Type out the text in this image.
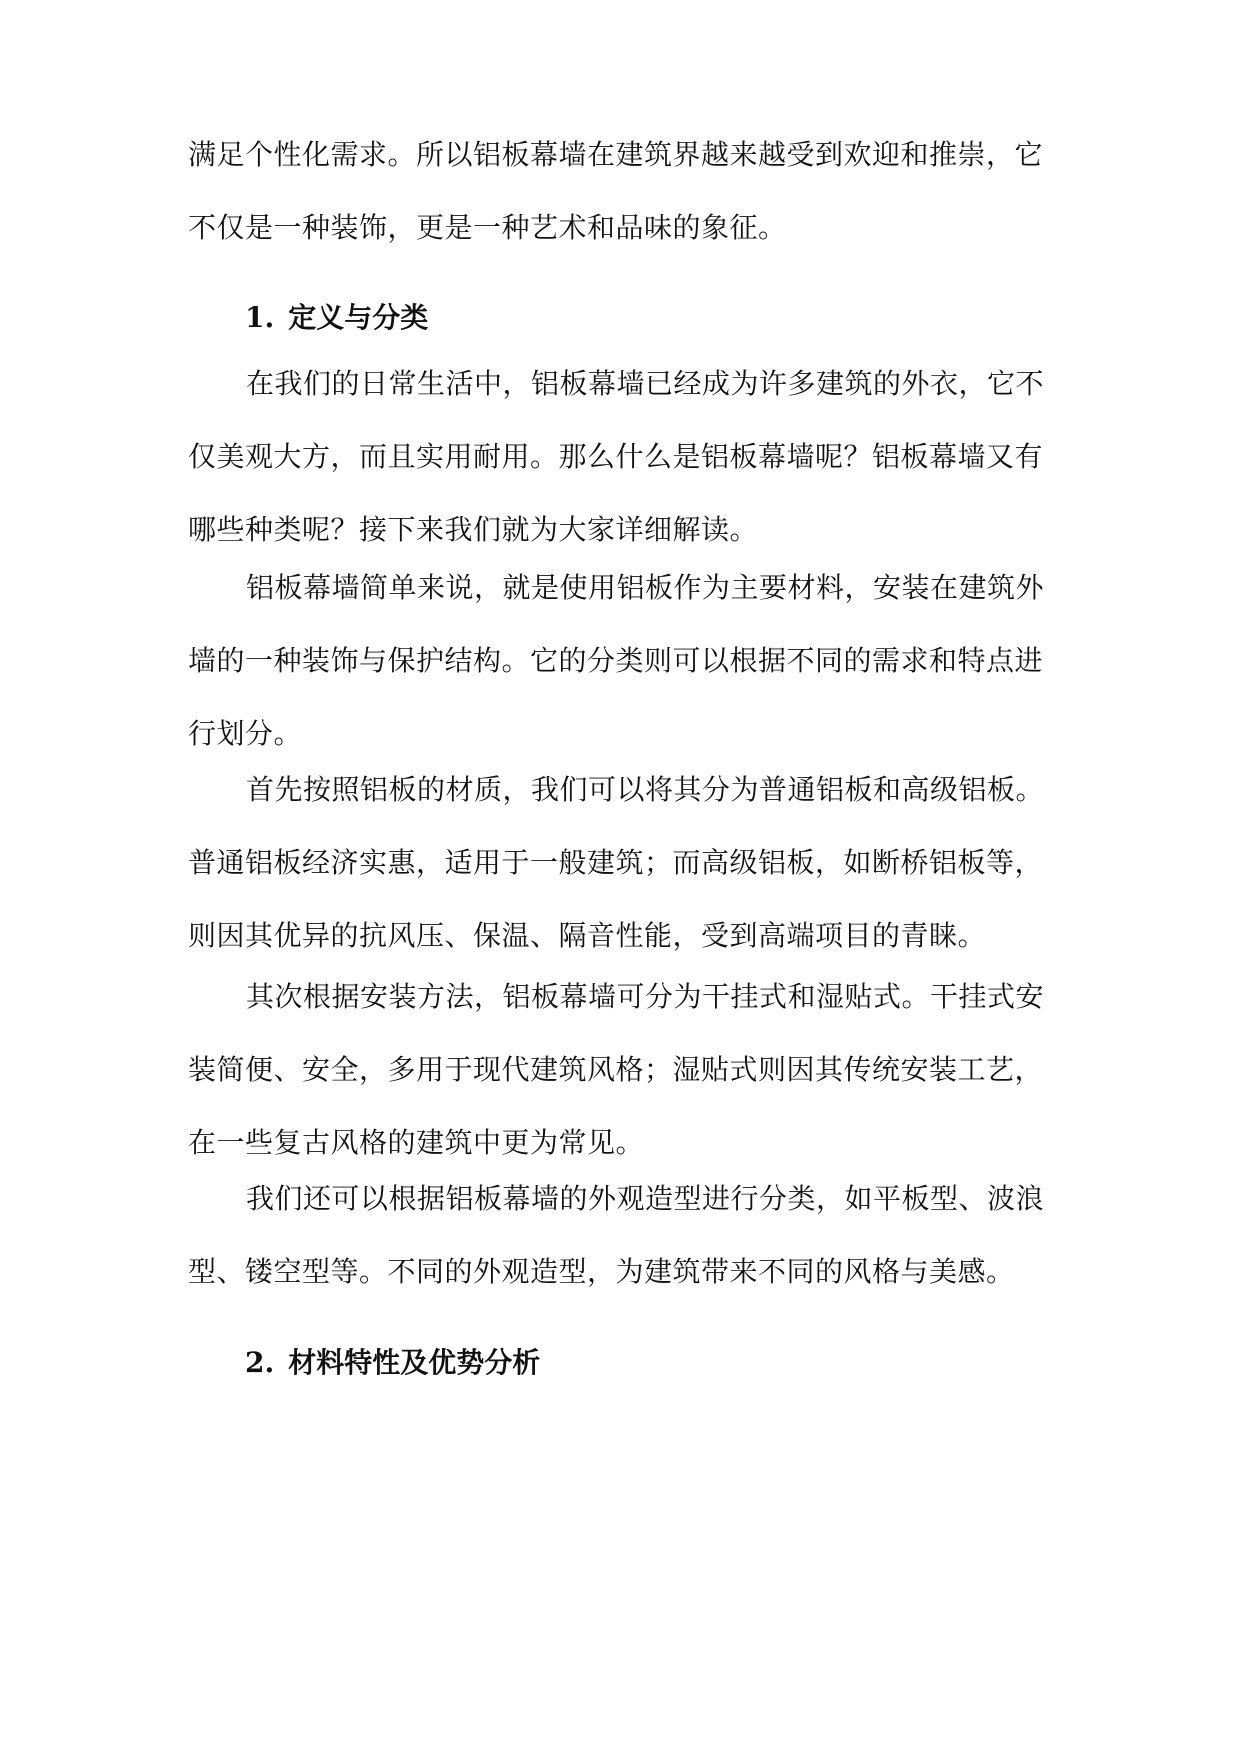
满足个性化需求。所以铝板幕墙在建筑界越来越受到欢迎和推崇，它不仅是一种装饰，更是一种艺术和品味的象征。

1. 定义与分类

在我们的日常生活中，铝板幕墙已经成为许多建筑的外衣，它不仅美观大方，而且实用耐用。那么什么是铝板幕墙呢？铝板幕墙又有哪些种类呢？接下来我们就为大家详细解读。

铝板幕墙简单来说，就是使用铝板作为主要材料，安装在建筑外墙的一种装饰与保护结构。它的分类则可以根据不同的需求和特点进行划分。

首先按照铝板的材质，我们可以将其分为普通铝板和高级铝板。普通铝板经济实惠，适用于一般建筑；而高级铝板，如断桥铝板等，则因其优异的抗风压、保温、隔音性能，受到高端项目的青睐。

其次根据安装方法，铝板幕墙可分为干挂式和湿贴式。干挂式安装简便、安全，多用于现代建筑风格；湿贴式则因其传统安装工艺，在一些复古风格的建筑中更为常见。

我们还可以根据铝板幕墙的外观造型进行分类，如平板型、波浪型、镂空型等。不同的外观造型，为建筑带来不同的风格与美感。

2. 材料特性及优势分析
